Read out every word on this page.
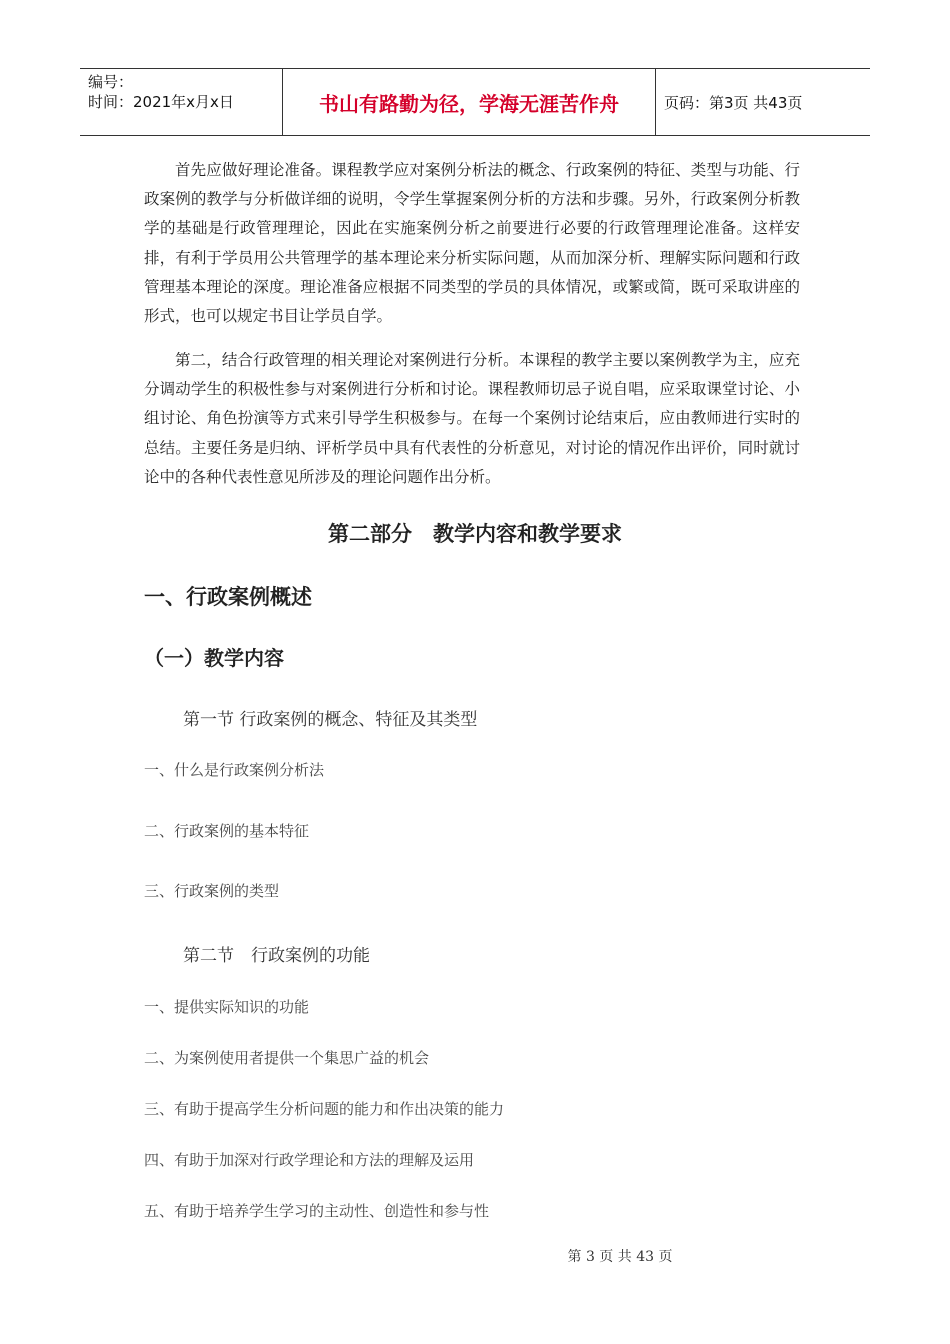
编号：
时间：2021年x月x日	书山有路勤为径，学海无涯苦作舟	页码：第3页 共43页

首先应做好理论准备。课程教学应对案例分析法的概念、行政案例的特征、类型与功能、行政案例的教学与分析做详细的说明，令学生掌握案例分析的方法和步骤。另外，行政案例分析教学的基础是行政管理理论，因此在实施案例分析之前要进行必要的行政管理理论准备。这样安排，有利于学员用公共管理学的基本理论来分析实际问题，从而加深分析、理解实际问题和行政管理基本理论的深度。理论准备应根据不同类型的学员的具体情况，或繁或简，既可采取讲座的形式，也可以规定书目让学员自学。

第二，结合行政管理的相关理论对案例进行分析。本课程的教学主要以案例教学为主，应充分调动学生的积极性参与对案例进行分析和讨论。课程教师切忌子说自唱，应采取课堂讨论、小组讨论、角色扮演等方式来引导学生积极参与。在每一个案例讨论结束后，应由教师进行实时的总结。主要任务是归纳、评析学员中具有代表性的分析意见，对讨论的情况作出评价，同时就讨论中的各种代表性意见所涉及的理论问题作出分析。

第二部分　教学内容和教学要求
一、行政案例概述
（一）教学内容

第一节 行政案例的概念、特征及其类型

一、什么是行政案例分析法

二、行政案例的基本特征

三、行政案例的类型

第二节　行政案例的功能

一、提供实际知识的功能

二、为案例使用者提供一个集思广益的机会

三、有助于提高学生分析问题的能力和作出决策的能力

四、有助于加深对行政学理论和方法的理解及运用

五、有助于培养学生学习的主动性、创造性和参与性

第 3 页 共 43 页
